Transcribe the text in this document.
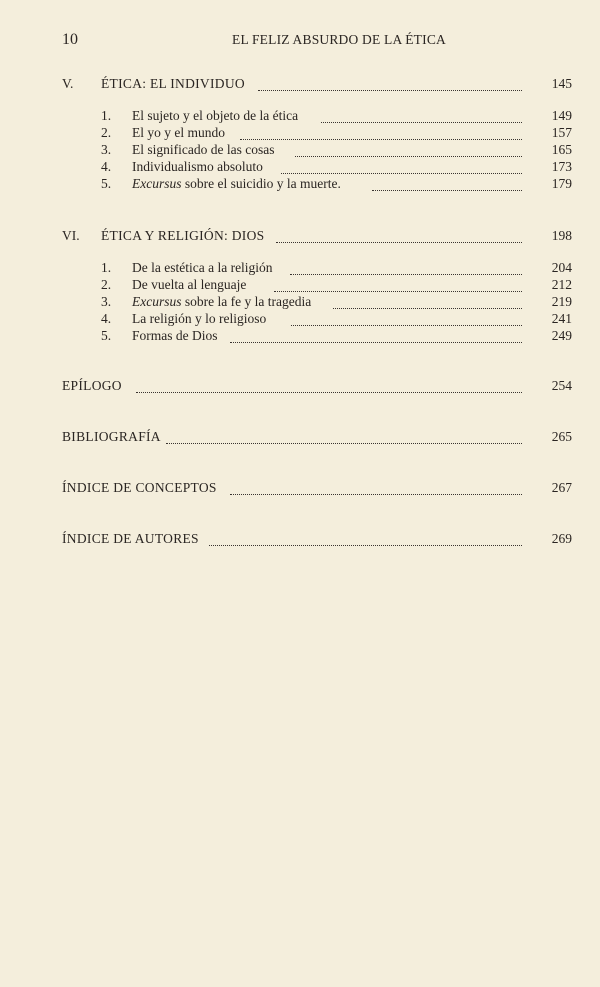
10	EL FELIZ ABSURDO DE LA ÉTICA
V. ÉTICA: EL INDIVIDUO	145
1. El sujeto y el objeto de la ética	149
2. El yo y el mundo	157
3. El significado de las cosas	165
4. Individualismo absoluto	173
5. Excursus sobre el suicidio y la muerte.	179
VI. ÉTICA Y RELIGIÓN: DIOS	198
1. De la estética a la religión	204
2. De vuelta al lenguaje	212
3. Excursus sobre la fe y la tragedia	219
4. La religión y lo religioso	241
5. Formas de Dios	249
EPÍLOGO	254
BIBLIOGRAFÍA	265
ÍNDICE DE CONCEPTOS	267
ÍNDICE DE AUTORES	269
